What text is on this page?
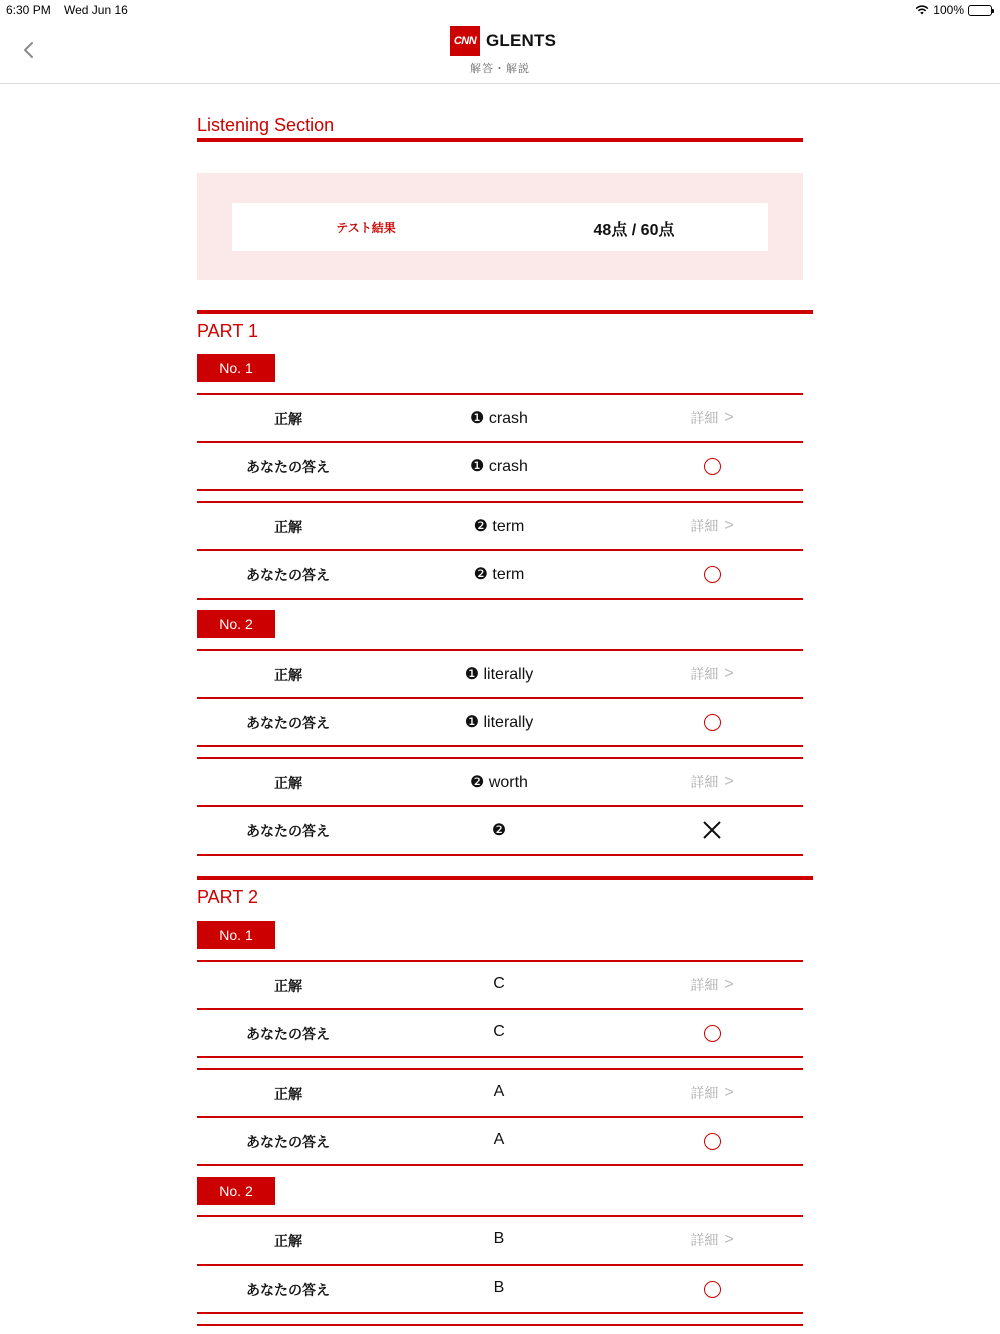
6:30 PM Wed Jun 16	100%
CNN GLENTS
解答・解説
Listening Section
テスト結果	48点 / 60点
PART 1
No. 1
正解	❶ crash	詳細 >
あなたの答え	❶ crash
正解	❷ term	詳細 >
あなたの答え	❷ term
No. 2
正解	❶ literally	詳細 >
あなたの答え	❶ literally
正解	❷ worth	詳細 >
あなたの答え	❷
PART 2
No. 1
正解	C	詳細 >
あなたの答え	C
正解	A	詳細 >
あなたの答え	A
No. 2
正解	B	詳細 >
あなたの答え	B
